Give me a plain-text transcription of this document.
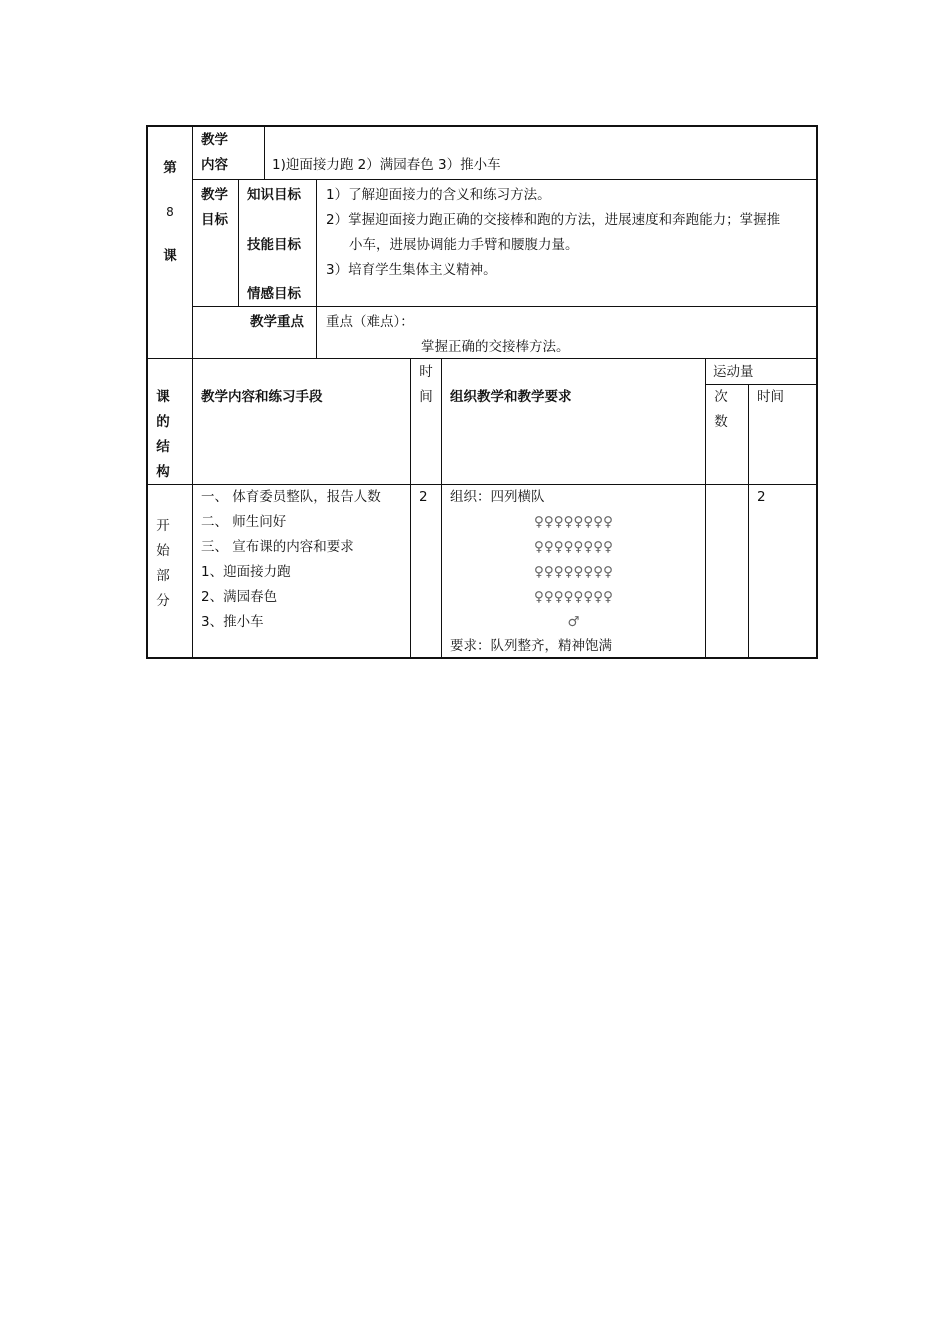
第
8
课
教学
内容	1)迎面接力跑 2）满园春色 3）推小车
教学
目标
知识目标
技能目标
情感目标
1）了解迎面接力的含义和练习方法。
2）掌握迎面接力跑正确的交接棒和跑的方法，进展速度和奔跑能力；掌握推
小车，进展协调能力手臂和腰腹力量。
3）培育学生集体主义精神。
教学重点 重点（难点）：
掌握正确的交接棒方法。
课
的
结
构
教学内容和练习手段
时
间	组织教学和教学要求
运动量
次
数
时间
开
始
部
分
一、 体育委员整队，报告人数
二、 师生问好
三、 宣布课的内容和要求
1、迎面接力跑
2、满园春色
3、推小车
2 组织：四列横队
♀♀♀♀♀♀♀♀
♀♀♀♀♀♀♀♀
♀♀♀♀♀♀♀♀
♀♀♀♀♀♀♀♀
♂
要求：队列整齐，精神饱满
2
